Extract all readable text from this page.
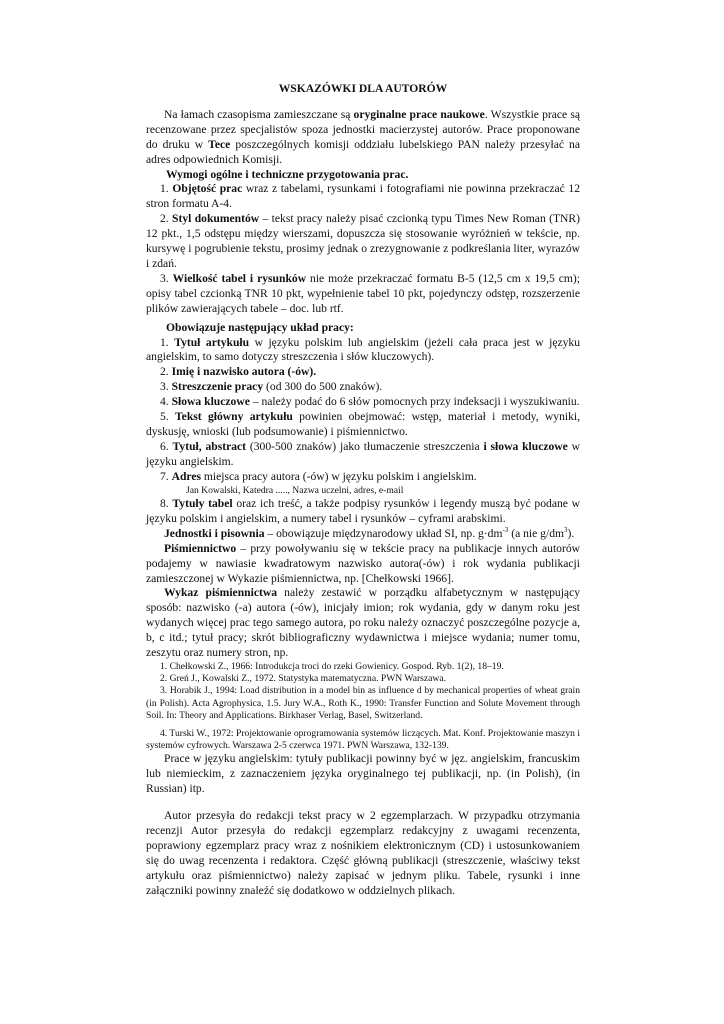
WSKAZÓWKI DLA AUTORÓW

Na łamach czasopisma zamieszczane są oryginalne prace naukowe. Wszystkie prace są recenzowane przez specjalistów spoza jednostki macierzystej autorów. Prace proponowane do druku w Tece poszczególnych komisji oddziału lubelskiego PAN należy przesyłać na adres odpowiednich Komisji.

Wymogi ogólne i techniczne przygotowania prac.

1. Objętość prac wraz z tabelami, rysunkami i fotografiami nie powinna przekraczać 12 stron formatu A-4.

2. Styl dokumentów – tekst pracy należy pisać czcionką typu Times New Roman (TNR) 12 pkt., 1,5 odstępu między wierszami, dopuszcza się stosowanie wyróżnień w tekście, np. kursywę i pogrubienie tekstu, prosimy jednak o zrezygnowanie z podkreślania liter, wyrazów i zdań.

3. Wielkość tabel i rysunków nie może przekraczać formatu B-5 (12,5 cm x 19,5 cm); opisy tabel czcionką TNR 10 pkt, wypełnienie tabel 10 pkt, pojedynczy odstęp, rozszerzenie plików zawierających tabele – doc. lub rtf.

Obowiązuje następujący układ pracy:

1. Tytuł artykułu w języku polskim lub angielskim (jeżeli cała praca jest w języku angielskim, to samo dotyczy streszczenia i słów kluczowych).

2. Imię i nazwisko autora (-ów).

3. Streszczenie pracy (od 300 do 500 znaków).

4. Słowa kluczowe – należy podać do 6 słów pomocnych przy indeksacji i wyszukiwaniu.

5. Tekst główny artykułu powinien obejmować: wstęp, materiał i metody, wyniki, dyskusję, wnioski (lub podsumowanie) i piśmiennictwo.

6. Tytuł, abstract (300-500 znaków) jako tłumaczenie streszczenia i słowa kluczowe w języku angielskim.

7. Adres miejsca pracy autora (-ów) w języku polskim i angielskim.

Jan Kowalski, Katedra ....., Nazwa uczelni, adres, e-mail

8. Tytuły tabel oraz ich treść, a także podpisy rysunków i legendy muszą być podane w języku polskim i angielskim, a numery tabel i rysunków – cyframi arabskimi.

Jednostki i pisownia – obowiązuje międzynarodowy układ SI, np. $g\cdot dm^{-3}$ (a nie $g/dm^3$).

Piśmiennictwo – przy powoływaniu się w tekście pracy na publikacje innych autorów podajemy w nawiasie kwadratowym nazwisko autora(-ów) i rok wydania publikacji zamieszczonej w Wykazie piśmiennictwa, np. [Chełkowski 1966].

Wykaz piśmiennictwa należy zestawić w porządku alfabetycznym w następujący sposób: nazwisko (-a) autora (-ów), inicjały imion; rok wydania, gdy w danym roku jest wydanych więcej prac tego samego autora, po roku należy oznaczyć poszczególne pozycje a, b, c itd.; tytuł pracy; skrót bibliograficzny wydawnictwa i miejsce wydania; numer tomu, zeszytu oraz numery stron, np.

1. Chełkowski Z., 1966: Introdukcja troci do rzeki Gowienicy. Gospod. Ryb. 1(2), 18–19.

2. Greń J., Kowalski Z., 1972. Statystyka matematyczna. PWN Warszawa.

3. Horabik J., 1994: Load distribution in a model bin as influence d by mechanical properties of wheat grain (in Polish). Acta Agrophysica, 1.5. Jury W.A., Roth K., 1990: Transfer Function and Solute Movement through Soil. In: Theory and Applications. Birkhaser Verlag, Basel, Switzerland.

4. Turski W., 1972: Projektowanie oprogramowania systemów liczących. Mat. Konf. Projektowanie maszyn i systemów cyfrowych. Warszawa 2-5 czerwca 1971. PWN Warszawa, 132-139.

Prace w języku angielskim: tytuły publikacji powinny być w jęz. angielskim, francuskim lub niemieckim, z zaznaczeniem języka oryginalnego tej publikacji, np. (in Polish), (in Russian) itp.

Autor przesyła do redakcji tekst pracy w 2 egzemplarzach. W przypadku otrzymania recenzji Autor przesyła do redakcji egzemplarz redakcyjny z uwagami recenzenta, poprawiony egzemplarz pracy wraz z nośnikiem elektronicznym (CD) i ustosunkowaniem się do uwag recenzenta i redaktora. Część główną publikacji (streszczenie, właściwy tekst artykułu oraz piśmiennictwo) należy zapisać w jednym pliku. Tabele, rysunki i inne załączniki powinny znaleźć się dodatkowo w oddzielnych plikach.
